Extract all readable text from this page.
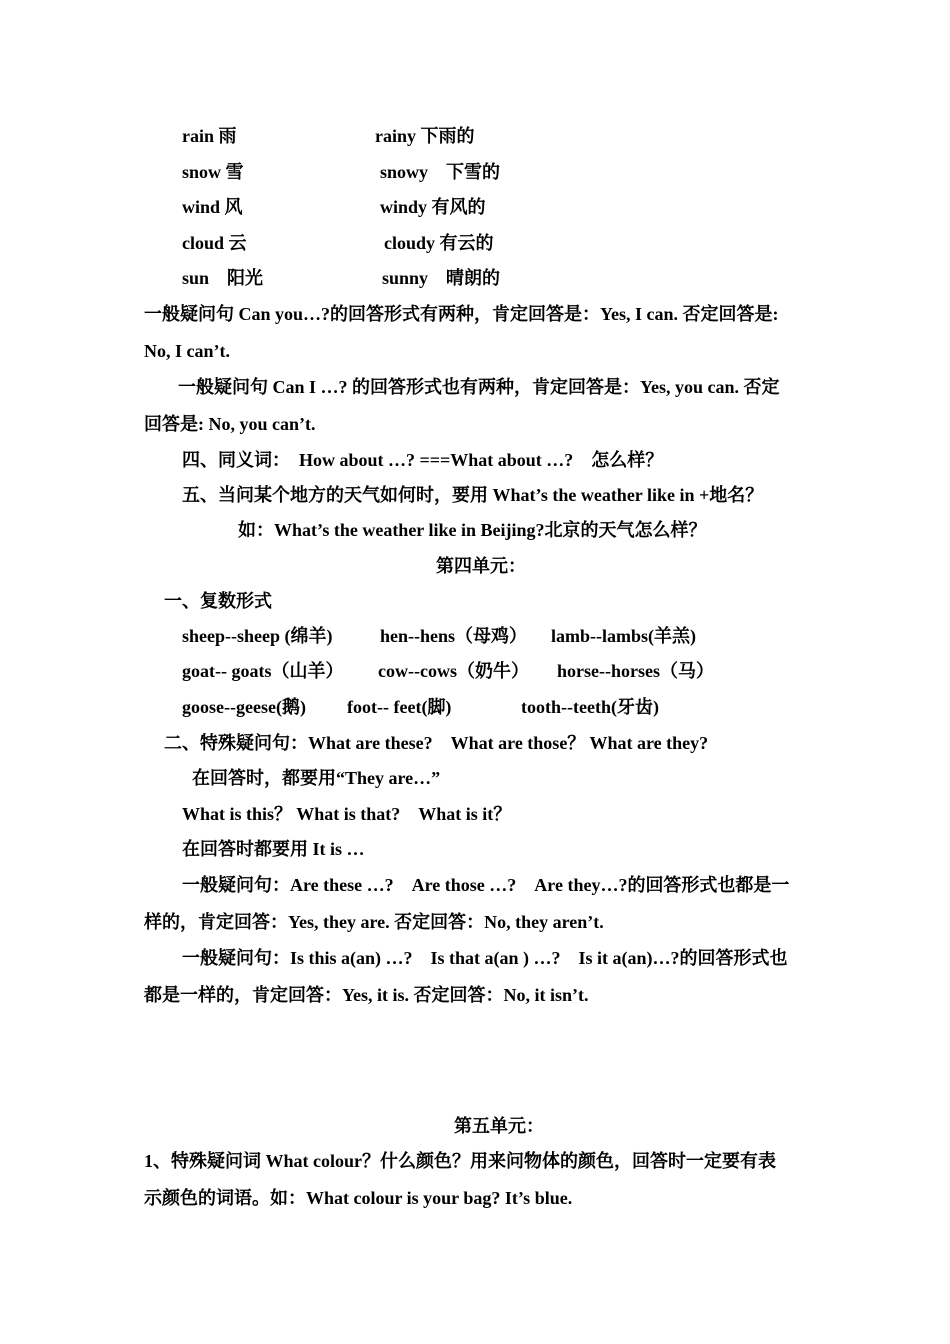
rain 雨	rainy 下雨的
snow 雪	snowy　下雪的
wind 风	windy 有风的
cloud 云	cloudy 有云的
sun　阳光	sunny　晴朗的
一般疑问句 Can you…?的回答形式有两种，肯定回答是：Yes, I can. 否定回答是:
No, I can’t.
一般疑问句 Can I …? 的回答形式也有两种，肯定回答是：Yes, you can. 否定
回答是: No, you can’t.
四、同义词：　How about …? ===What about …?　怎么样？
五、当问某个地方的天气如何时，要用 What’s the weather like in +地名？
如：What’s the weather like in Beijing?北京的天气怎么样？
第四单元：
一、复数形式
sheep--sheep (绵羊)	hen--hens（母鸡） lamb--lambs(羊羔)
goat-- goats（山羊） cow--cows（奶牛） horse--horses（马）
goose--geese(鹅) foot-- feet(脚)	tooth--teeth(牙齿)
二、特殊疑问句：What are these?　What are those？ What are they?
在回答时，都要用“They are…”
What is this？ What is that?　What is it？
在回答时都要用 It is …
一般疑问句：Are these …?　Are those …?　Are they…?的回答形式也都是一
样的，肯定回答：Yes, they are. 否定回答：No, they aren’t.
一般疑问句：Is this a(an) …?　Is that a(an ) …?　Is it a(an)…?的回答形式也
都是一样的，肯定回答：Yes, it is. 否定回答：No, it isn’t.
第五单元：
1、特殊疑问词 What colour？什么颜色？用来问物体的颜色，回答时一定要有表
示颜色的词语。如：What colour is your bag? It’s blue.
